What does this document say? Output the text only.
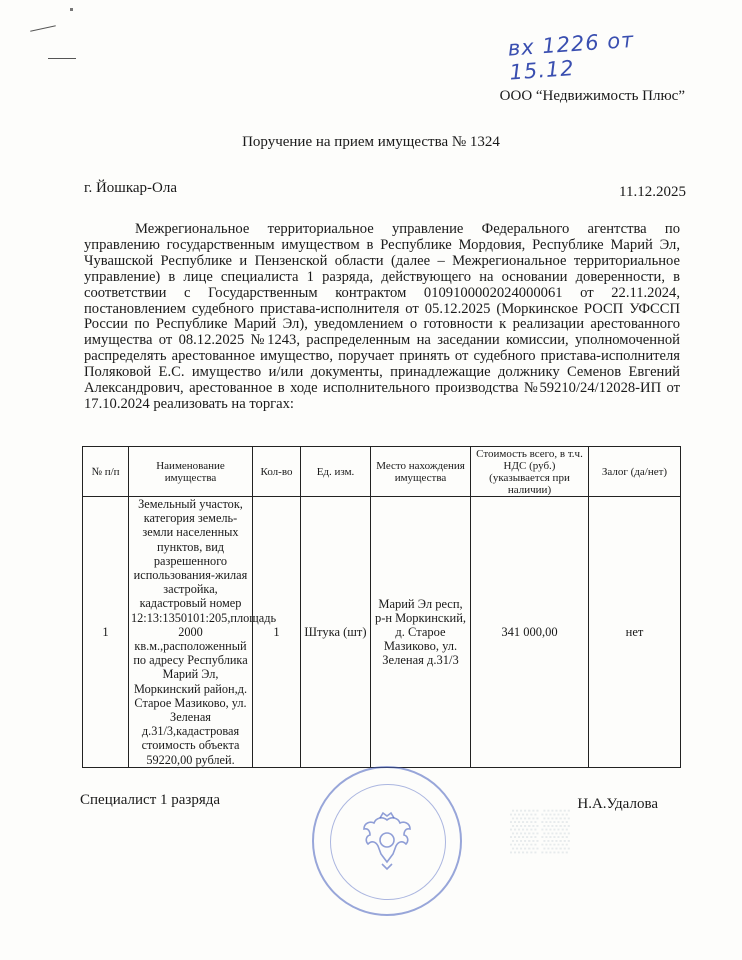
вх 1226 от 15.12
ООО “Недвижимость Плюс”
Поручение на прием имущества № 1324
г. Йошкар-Ола	11.12.2025
Межрегиональное территориальное управление Федерального агентства по управлению государственным имуществом в Республике Мордовия, Республике Марий Эл, Чувашской Республике и Пензенской области (далее – Межрегиональное территориальное управление) в лице специалиста 1 разряда, действующего на основании доверенности, в соответствии с Государственным контрактом 0109100002024000061 от 22.11.2024, постановлением судебного пристава-исполнителя от 05.12.2025 (Моркинское РОСП УФССП России по Республике Марий Эл), уведомлением о готовности к реализации арестованного имущества от 08.12.2025 №1243, распределенным на заседании комиссии, уполномоченной распределять арестованное имущество, поручает принять от судебного пристава-исполнителя Поляковой Е.С. имущество и/или документы, принадлежащие должнику Семенов Евгений Александрович, арестованное в ходе исполнительного производства №59210/24/12028-ИП от 17.10.2024 реализовать на торгах:
№ п/п	Наименование имущества	Кол-во	Ед. изм.	Место нахождения имущества	Стоимость всего, в т.ч. НДС (руб.) (указывается при наличии)	Залог (да/нет)
1	Земельный участок, категория земель-земли населенных пунктов, вид разрешенного использования-жилая застройка, кадастровый номер 12:13:1350101:205,площадь 2000 кв.м.,расположенный по адресу Республика Марий Эл, Моркинский район,д. Старое Мазиково, ул. Зеленая д.31/3,кадастровая стоимость объекта 59220,00 рублей.	1	Штука (шт)	Марий Эл респ, р-н Моркинский, д. Старое Мазиково, ул. Зеленая д.31/3	341 000,00	нет
Специалист 1 разряда	Н.А.Удалова
▒▒
